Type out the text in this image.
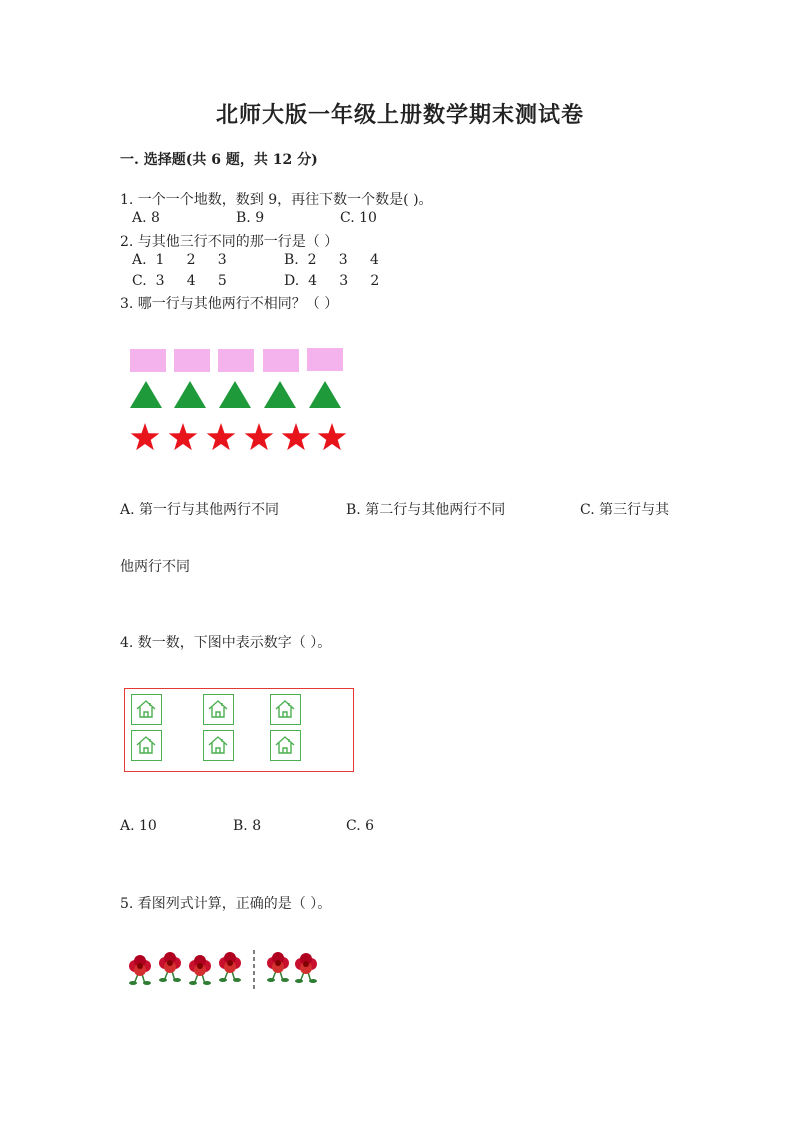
北师大版一年级上册数学期末测试卷
一. 选择题(共 6 题，共 12 分)
1. 一个一个地数，数到 9，再往下数一个数是( )。
A. 8	B. 9	C. 10
2. 与其他三行不同的那一行是（ ）
A.  1     2     3	B.  2     3     4
C.  3     4     5	D.  4     3     2
3. 哪一行与其他两行不相同？（ ）
A. 第一行与其他两行不同	B. 第二行与其他两行不同	C. 第三行与其
他两行不同
4. 数一数，下图中表示数字（ ）。
A. 10	B. 8	C. 6
5. 看图列式计算，正确的是（ ）。
